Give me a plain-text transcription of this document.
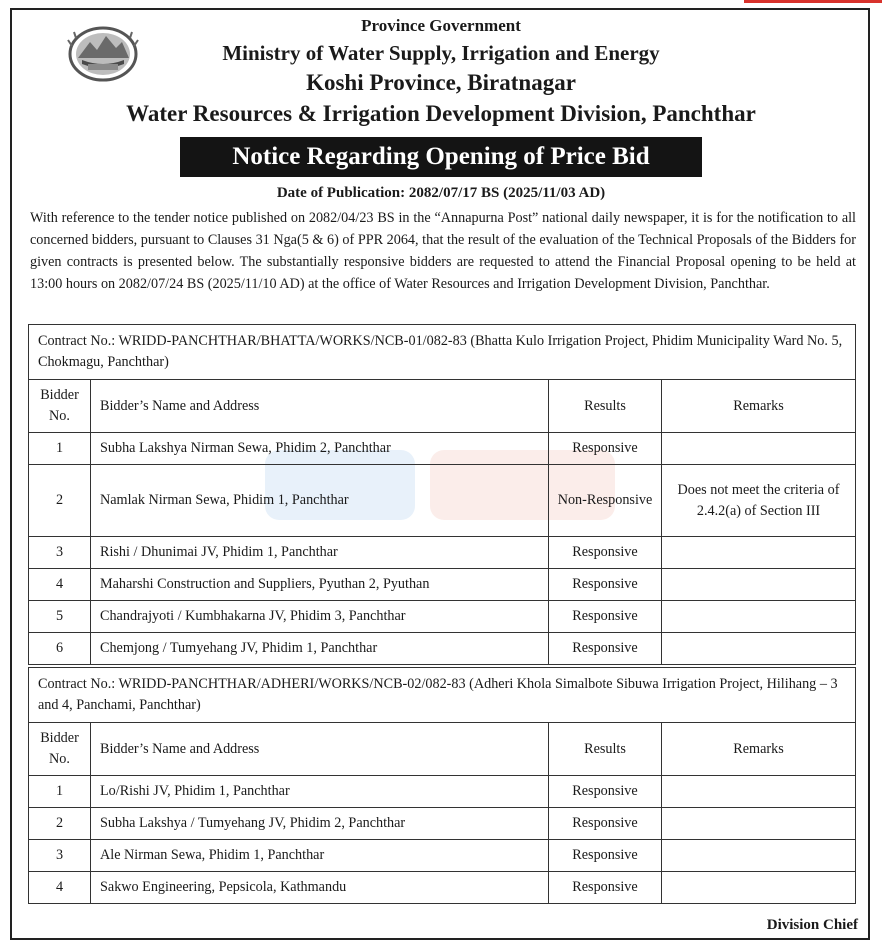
Province Government
Ministry of Water Supply, Irrigation and Energy
Koshi Province, Biratnagar
Water Resources & Irrigation Development Division, Panchthar
Notice Regarding Opening of Price Bid
Date of Publication: 2082/07/17 BS (2025/11/03 AD)
With reference to the tender notice published on 2082/04/23 BS in the “Annapurna Post” national daily newspaper, it is for the notification to all concerned bidders, pursuant to Clauses 31 Nga(5 & 6) of PPR 2064, that the result of the evaluation of the Technical Proposals of the Bidders for given contracts is presented below. The substantially responsive bidders are requested to attend the Financial Proposal opening to be held at 13:00 hours on 2082/07/24 BS (2025/11/10 AD) at the office of Water Resources and Irrigation Development Division, Panchthar.
Contract No.: WRIDD-PANCHTHAR/BHATTA/WORKS/NCB-01/082-83 (Bhatta Kulo Irrigation Project, Phidim Municipality Ward No. 5, Chokmagu, Panchthar)			
Bidder No.	Bidder’s Name and Address	Results	Remarks
1	Subha Lakshya Nirman Sewa, Phidim 2, Panchthar	Responsive	
2	Namlak Nirman Sewa, Phidim 1, Panchthar	Non-Responsive	Does not meet the criteria of 2.4.2(a) of Section III
3	Rishi / Dhunimai JV, Phidim 1, Panchthar	Responsive	
4	Maharshi Construction and Suppliers, Pyuthan 2, Pyuthan	Responsive	
5	Chandrajyoti / Kumbhakarna JV, Phidim 3, Panchthar	Responsive	
6	Chemjong / Tumyehang JV, Phidim 1, Panchthar	Responsive	
Contract No.: WRIDD-PANCHTHAR/ADHERI/WORKS/NCB-02/082-83 (Adheri Khola Simalbote Sibuwa Irrigation Project, Hilihang – 3 and 4, Panchami, Panchthar)			
Bidder No.	Bidder’s Name and Address	Results	Remarks
1	Lo/Rishi JV, Phidim 1, Panchthar	Responsive	
2	Subha Lakshya / Tumyehang JV, Phidim 2, Panchthar	Responsive	
3	Ale Nirman Sewa, Phidim 1, Panchthar	Responsive	
4	Sakwo Engineering, Pepsicola, Kathmandu	Responsive	
Division Chief
